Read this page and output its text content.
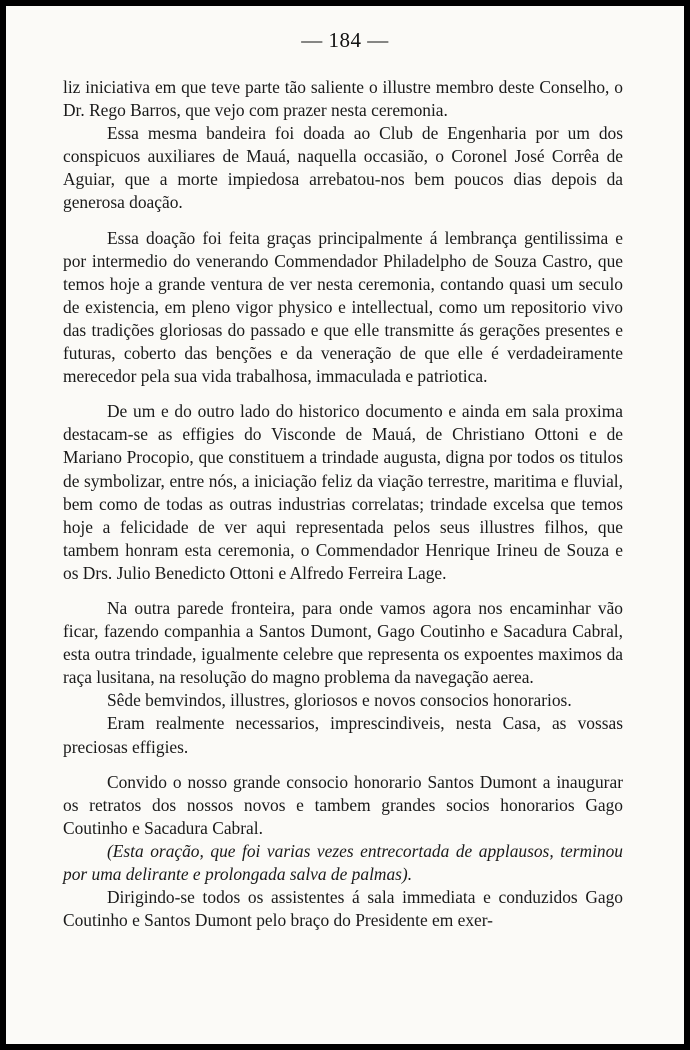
— 184 —

liz iniciativa em que teve parte tão saliente o illustre membro deste Conselho, o Dr. Rego Barros, que vejo com prazer nesta ceremonia.

Essa mesma bandeira foi doada ao Club de Engenharia por um dos conspicuos auxiliares de Mauá, naquella occasião, o Coronel José Corrêa de Aguiar, que a morte impiedosa arrebatou-nos bem poucos dias depois da generosa doação.

Essa doação foi feita graças principalmente á lembrança gentilissima e por intermedio do venerando Commendador Philadelpho de Souza Castro, que temos hoje a grande ventura de ver nesta ceremonia, contando quasi um seculo de existencia, em pleno vigor physico e intellectual, como um repositorio vivo das tradições gloriosas do passado e que elle transmitte ás gerações presentes e futuras, coberto das benções e da veneração de que elle é verdadeiramente merecedor pela sua vida trabalhosa, immaculada e patriotica.

De um e do outro lado do historico documento e ainda em sala proxima destacam-se as effigies do Visconde de Mauá, de Christiano Ottoni e de Mariano Procopio, que constituem a trindade augusta, digna por todos os titulos de symbolizar, entre nós, a iniciação feliz da viação terrestre, maritima e fluvial, bem como de todas as outras industrias correlatas; trindade excelsa que temos hoje a felicidade de ver aqui representada pelos seus illustres filhos, que tambem honram esta ceremonia, o Commendador Henrique Irineu de Souza e os Drs. Julio Benedicto Ottoni e Alfredo Ferreira Lage.

Na outra parede fronteira, para onde vamos agora nos encaminhar vão ficar, fazendo companhia a Santos Dumont, Gago Coutinho e Sacadura Cabral, esta outra trindade, igualmente celebre que representa os expoentes maximos da raça lusitana, na resolução do magno problema da navegação aerea.

Sêde bemvindos, illustres, gloriosos e novos consocios honorarios.

Eram realmente necessarios, imprescindiveis, nesta Casa, as vossas preciosas effigies.

Convido o nosso grande consocio honorario Santos Dumont a inaugurar os retratos dos nossos novos e tambem grandes socios honorarios Gago Coutinho e Sacadura Cabral.

(Esta oração, que foi varias vezes entrecortada de applausos, terminou por uma delirante e prolongada salva de palmas).

Dirigindo-se todos os assistentes á sala immediata e conduzidos Gago Coutinho e Santos Dumont pelo braço do Presidente em exer-
